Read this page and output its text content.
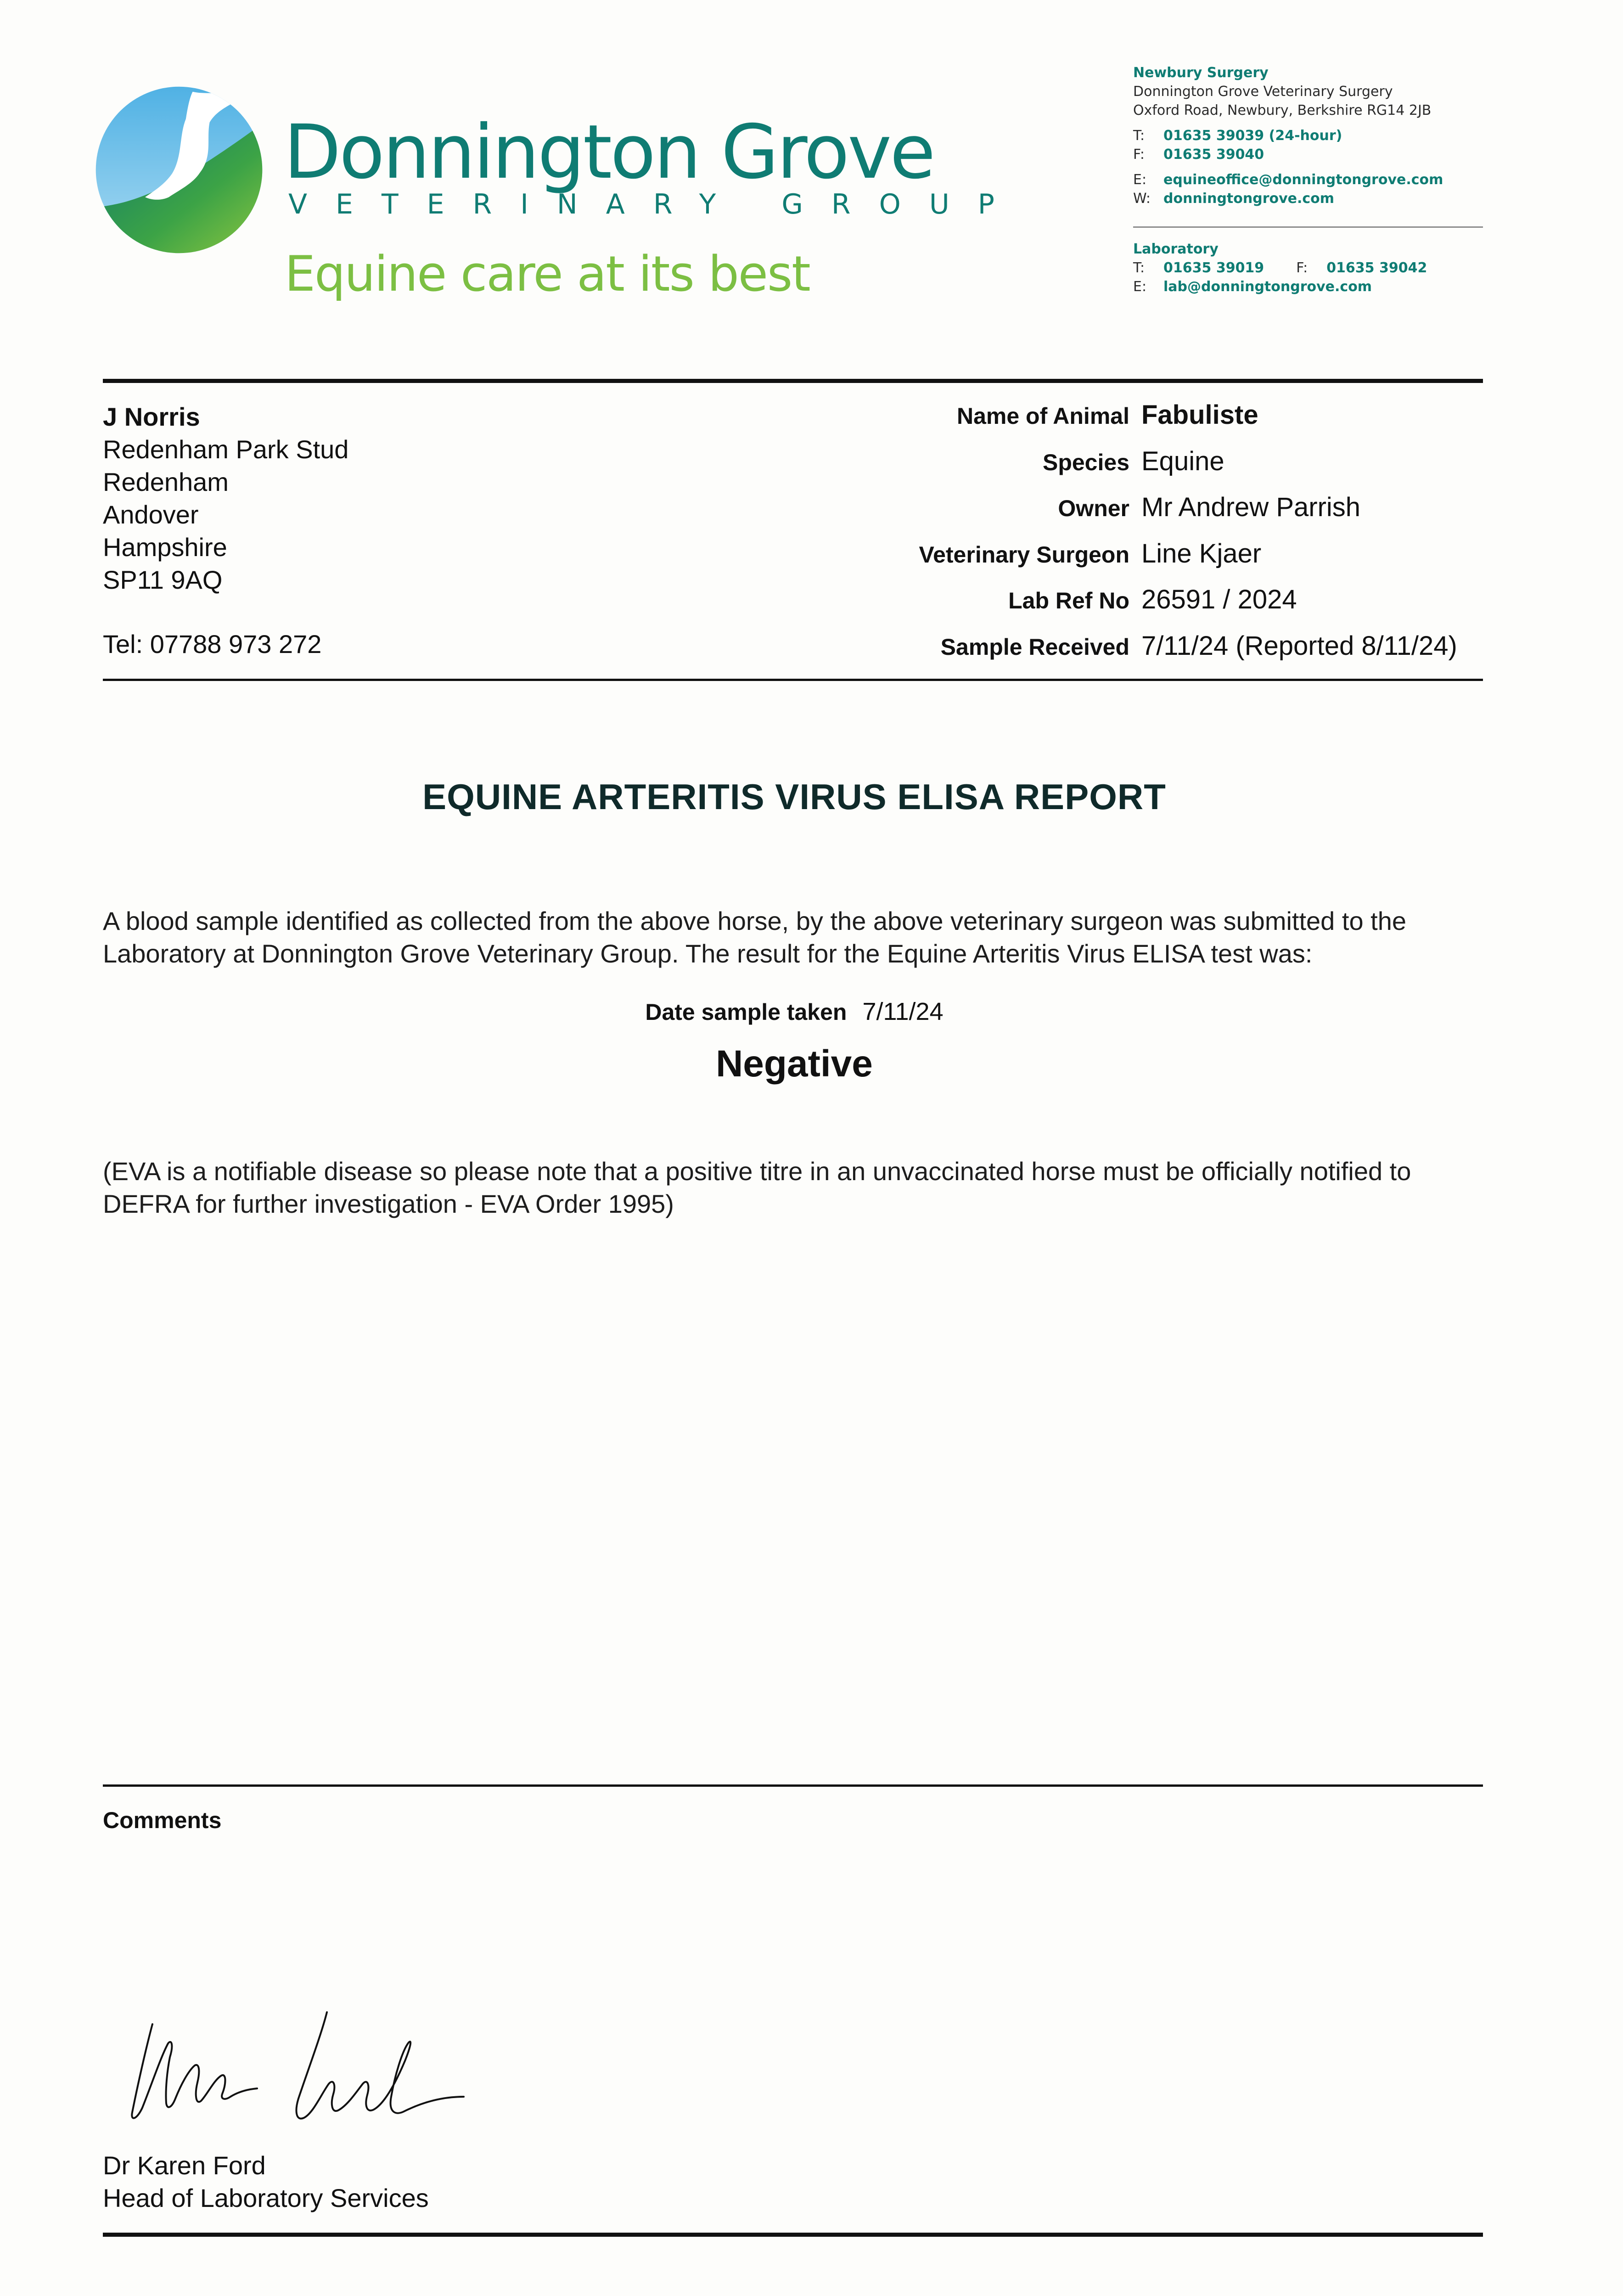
Donnington Grove
VETERINARY GROUP
Equine care at its best
Newbury Surgery
Donnington Grove Veterinary Surgery
Oxford Road, Newbury, Berkshire RG14 2JB
T: 01635 39039 (24-hour)
F: 01635 39040
E: equineoffice@donningtongrove.com
W: donningtongrove.com
Laboratory
T: 01635 39019 F: 01635 39042
E: lab@donningtongrove.com
J Norris
Redenham Park Stud
Redenham
Andover
Hampshire
SP11 9AQ
Tel: 07788 973 272
Name of Animal Fabuliste
Species Equine
Owner Mr Andrew Parrish
Veterinary Surgeon Line Kjaer
Lab Ref No 26591 / 2024
Sample Received 7/11/24 (Reported 8/11/24)
EQUINE ARTERITIS VIRUS ELISA REPORT
A blood sample identified as collected from the above horse, by the above veterinary surgeon was submitted to the Laboratory at Donnington Grove Veterinary Group. The result for the Equine Arteritis Virus ELISA test was:
Date sample taken 7/11/24
Negative
(EVA is a notifiable disease so please note that a positive titre in an unvaccinated horse must be officially notified to DEFRA for further investigation - EVA Order 1995)
Comments
Dr Karen Ford
Head of Laboratory Services
